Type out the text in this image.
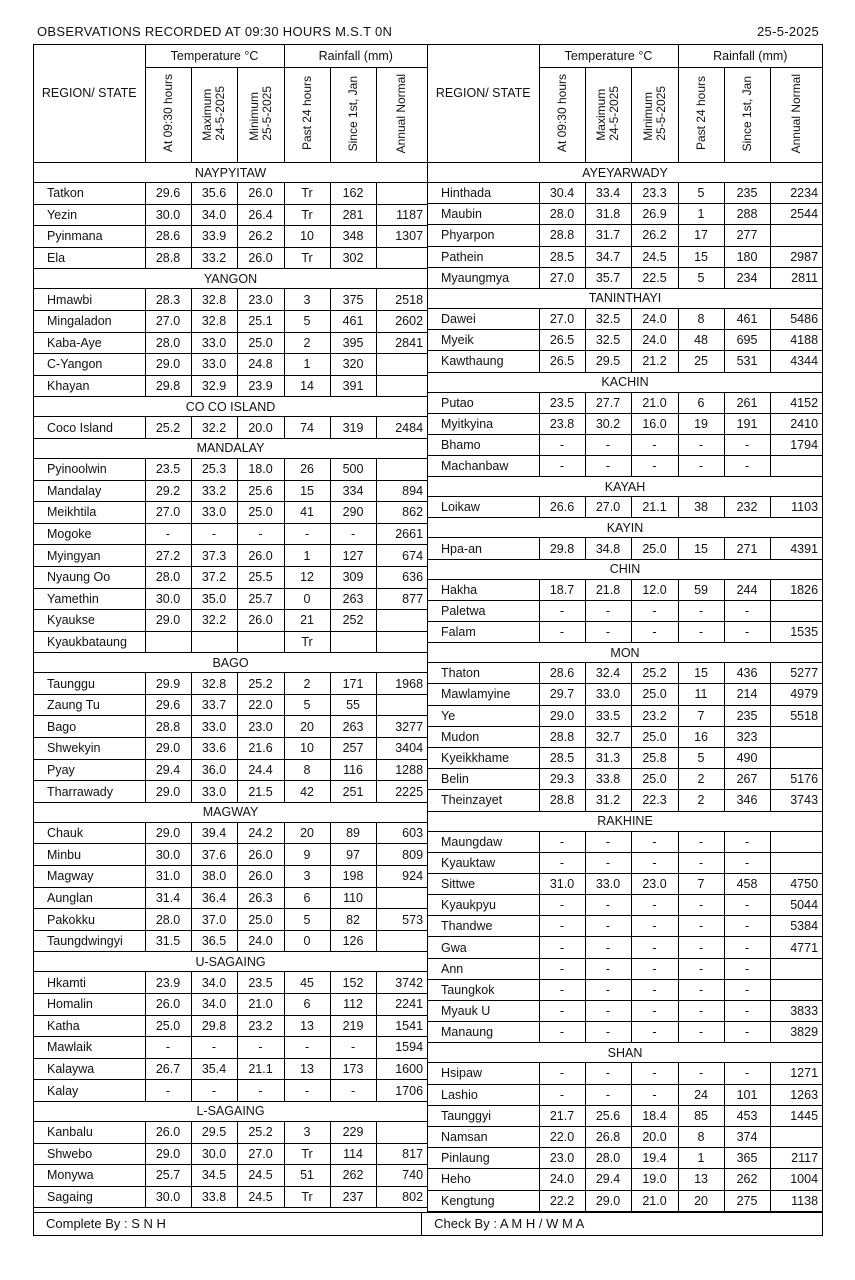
OBSERVATIONS RECORDED AT 09:30 HOURS M.S.T 0N	25-5-2025
REGION/ STATE	Temperature °C			Rainfall (mm)		
	At 09:30 hours	Maximum
24-5-2025	Minimum
25-5-2025	Past 24 hours	Since 1st, Jan	Annual Normal
NAYPYITAW						
Tatkon	29.6	35.6	26.0	Tr	162	
Yezin	30.0	34.0	26.4	Tr	281	1187
Pyinmana	28.6	33.9	26.2	10	348	1307
Ela	28.8	33.2	26.0	Tr	302	
YANGON						
Hmawbi	28.3	32.8	23.0	3	375	2518
Mingaladon	27.0	32.8	25.1	5	461	2602
Kaba-Aye	28.0	33.0	25.0	2	395	2841
C-Yangon	29.0	33.0	24.8	1	320	
Khayan	29.8	32.9	23.9	14	391	
CO CO ISLAND						
Coco Island	25.2	32.2	20.0	74	319	2484
MANDALAY						
Pyinoolwin	23.5	25.3	18.0	26	500	
Mandalay	29.2	33.2	25.6	15	334	894
Meikhtila	27.0	33.0	25.0	41	290	862
Mogoke	-	-	-	-	-	2661
Myingyan	27.2	37.3	26.0	1	127	674
Nyaung Oo	28.0	37.2	25.5	12	309	636
Yamethin	30.0	35.0	25.7	0	263	877
Kyaukse	29.0	32.2	26.0	21	252	
Kyaukbataung				Tr		
BAGO						
Taunggu	29.9	32.8	25.2	2	171	1968
Zaung Tu	29.6	33.7	22.0	5	55	
Bago	28.8	33.0	23.0	20	263	3277
Shwekyin	29.0	33.6	21.6	10	257	3404
Pyay	29.4	36.0	24.4	8	116	1288
Tharrawady	29.0	33.0	21.5	42	251	2225
MAGWAY						
Chauk	29.0	39.4	24.2	20	89	603
Minbu	30.0	37.6	26.0	9	97	809
Magway	31.0	38.0	26.0	3	198	924
Aunglan	31.4	36.4	26.3	6	110	
Pakokku	28.0	37.0	25.0	5	82	573
Taungdwingyi	31.5	36.5	24.0	0	126	
U-SAGAING						
Hkamti	23.9	34.0	23.5	45	152	3742
Homalin	26.0	34.0	21.0	6	112	2241
Katha	25.0	29.8	23.2	13	219	1541
Mawlaik	-	-	-	-	-	1594
Kalaywa	26.7	35.4	21.1	13	173	1600
Kalay	-	-	-	-	-	1706
L-SAGAING						
Kanbalu	26.0	29.5	25.2	3	229	
Shwebo	29.0	30.0	27.0	Tr	114	817
Monywa	25.7	34.5	24.5	51	262	740
Sagaing	30.0	33.8	24.5	Tr	237	802
REGION/ STATE	Temperature °C			Rainfall (mm)		
	At 09:30 hours	Maximum
24-5-2025	Minimum
25-5-2025	Past 24 hours	Since 1st, Jan	Annual Normal
AYEYARWADY						
Hinthada	30.4	33.4	23.3	5	235	2234
Maubin	28.0	31.8	26.9	1	288	2544
Phyarpon	28.8	31.7	26.2	17	277	
Pathein	28.5	34.7	24.5	15	180	2987
Myaungmya	27.0	35.7	22.5	5	234	2811
TANINTHAYI						
Dawei	27.0	32.5	24.0	8	461	5486
Myeik	26.5	32.5	24.0	48	695	4188
Kawthaung	26.5	29.5	21.2	25	531	4344
KACHIN						
Putao	23.5	27.7	21.0	6	261	4152
Myitkyina	23.8	30.2	16.0	19	191	2410
Bhamo	-	-	-	-	-	1794
Machanbaw	-	-	-	-	-	
KAYAH						
Loikaw	26.6	27.0	21.1	38	232	1103
KAYIN						
Hpa-an	29.8	34.8	25.0	15	271	4391
CHIN						
Hakha	18.7	21.8	12.0	59	244	1826
Paletwa	-	-	-	-	-	
Falam	-	-	-	-	-	1535
MON						
Thaton	28.6	32.4	25.2	15	436	5277
Mawlamyine	29.7	33.0	25.0	11	214	4979
Ye	29.0	33.5	23.2	7	235	5518
Mudon	28.8	32.7	25.0	16	323	
Kyeikkhame	28.5	31.3	25.8	5	490	
Belin	29.3	33.8	25.0	2	267	5176
Theinzayet	28.8	31.2	22.3	2	346	3743
RAKHINE						
Maungdaw	-	-	-	-	-	
Kyauktaw	-	-	-	-	-	
Sittwe	31.0	33.0	23.0	7	458	4750
Kyaukpyu	-	-	-	-	-	5044
Thandwe	-	-	-	-	-	5384
Gwa	-	-	-	-	-	4771
Ann	-	-	-	-	-	
Taungkok	-	-	-	-	-	
Myauk U	-	-	-	-	-	3833
Manaung	-	-	-	-	-	3829
SHAN						
Hsipaw	-	-	-	-	-	1271
Lashio	-	-	-	24	101	1263
Taunggyi	21.7	25.6	18.4	85	453	1445
Namsan	22.0	26.8	20.0	8	374	
Pinlaung	23.0	28.0	19.4	1	365	2117
Heho	24.0	29.4	19.0	13	262	1004
Kengtung	22.2	29.0	21.0	20	275	1138
Complete By : S N H	Check By : A M H / W M A
